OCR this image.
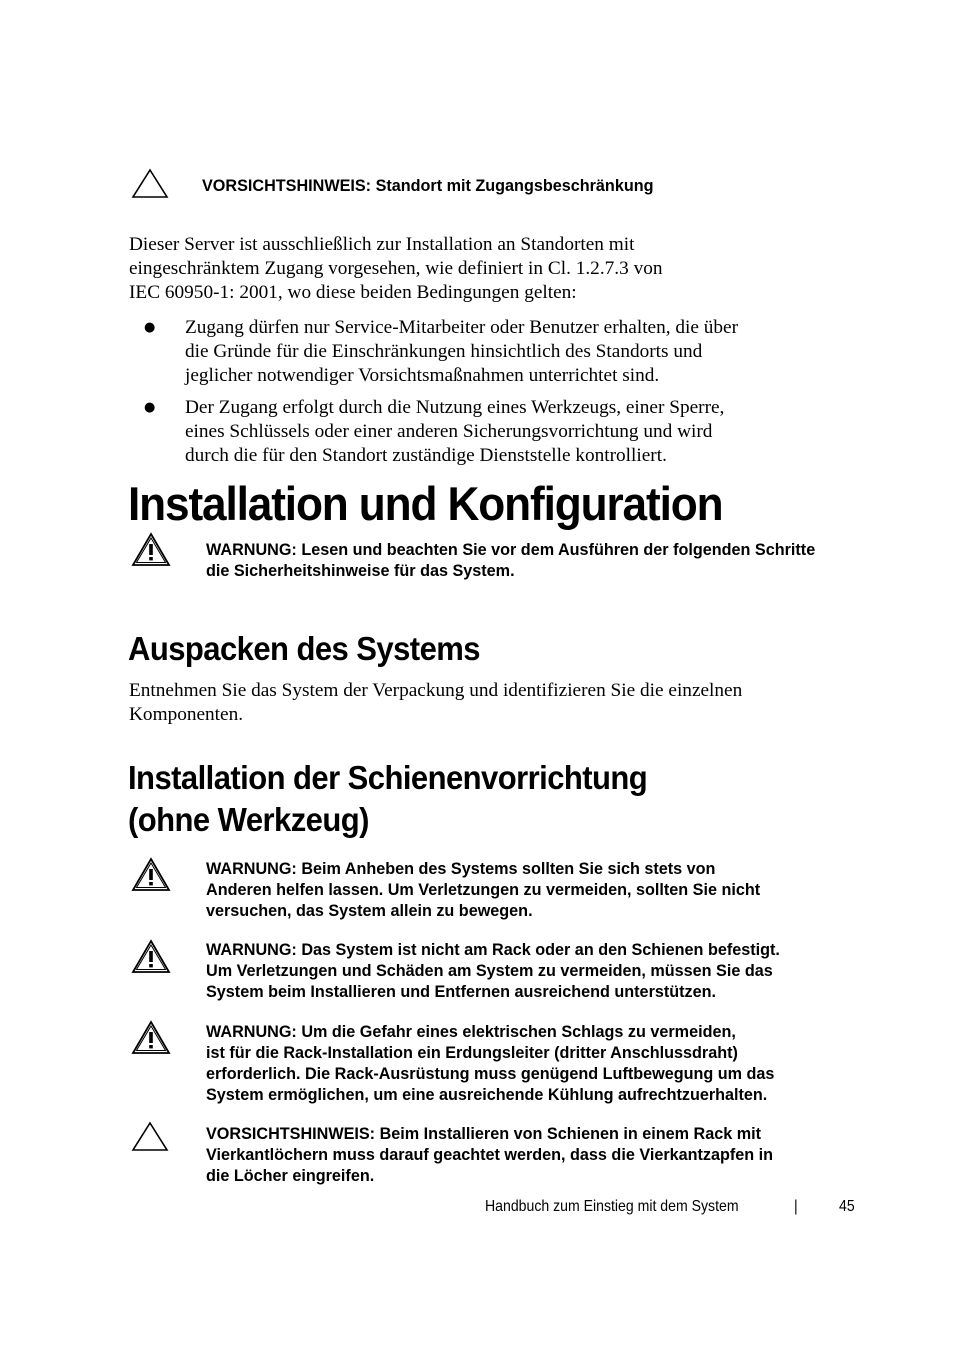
VORSICHTSHINWEIS: Standort mit Zugangsbeschränkung
Dieser Server ist ausschließlich zur Installation an Standorten mit
eingeschränktem Zugang vorgesehen, wie definiert in Cl. 1.2.7.3 von
IEC 60950-1: 2001, wo diese beiden Bedingungen gelten:
● Zugang dürfen nur Service-Mitarbeiter oder Benutzer erhalten, die über
die Gründe für die Einschränkungen hinsichtlich des Standorts und
jeglicher notwendiger Vorsichtsmaßnahmen unterrichtet sind.
● Der Zugang erfolgt durch die Nutzung eines Werkzeugs, einer Sperre,
eines Schlüssels oder einer anderen Sicherungsvorrichtung und wird
durch die für den Standort zuständige Dienststelle kontrolliert.
Installation und Konfiguration
WARNUNG: Lesen und beachten Sie vor dem Ausführen der folgenden Schritte
die Sicherheitshinweise für das System.
Auspacken des Systems
Entnehmen Sie das System der Verpackung und identifizieren Sie die einzelnen
Komponenten.
Installation der Schienenvorrichtung
(ohne Werkzeug)
WARNUNG: Beim Anheben des Systems sollten Sie sich stets von
Anderen helfen lassen. Um Verletzungen zu vermeiden, sollten Sie nicht
versuchen, das System allein zu bewegen.
WARNUNG: Das System ist nicht am Rack oder an den Schienen befestigt.
Um Verletzungen und Schäden am System zu vermeiden, müssen Sie das
System beim Installieren und Entfernen ausreichend unterstützen.
WARNUNG: Um die Gefahr eines elektrischen Schlags zu vermeiden,
ist für die Rack-Installation ein Erdungsleiter (dritter Anschlussdraht)
erforderlich. Die Rack-Ausrüstung muss genügend Luftbewegung um das
System ermöglichen, um eine ausreichende Kühlung aufrechtzuerhalten.
VORSICHTSHINWEIS: Beim Installieren von Schienen in einem Rack mit
Vierkantlöchern muss darauf geachtet werden, dass die Vierkantzapfen in
die Löcher eingreifen.
Handbuch zum Einstieg mit dem System	|	45
